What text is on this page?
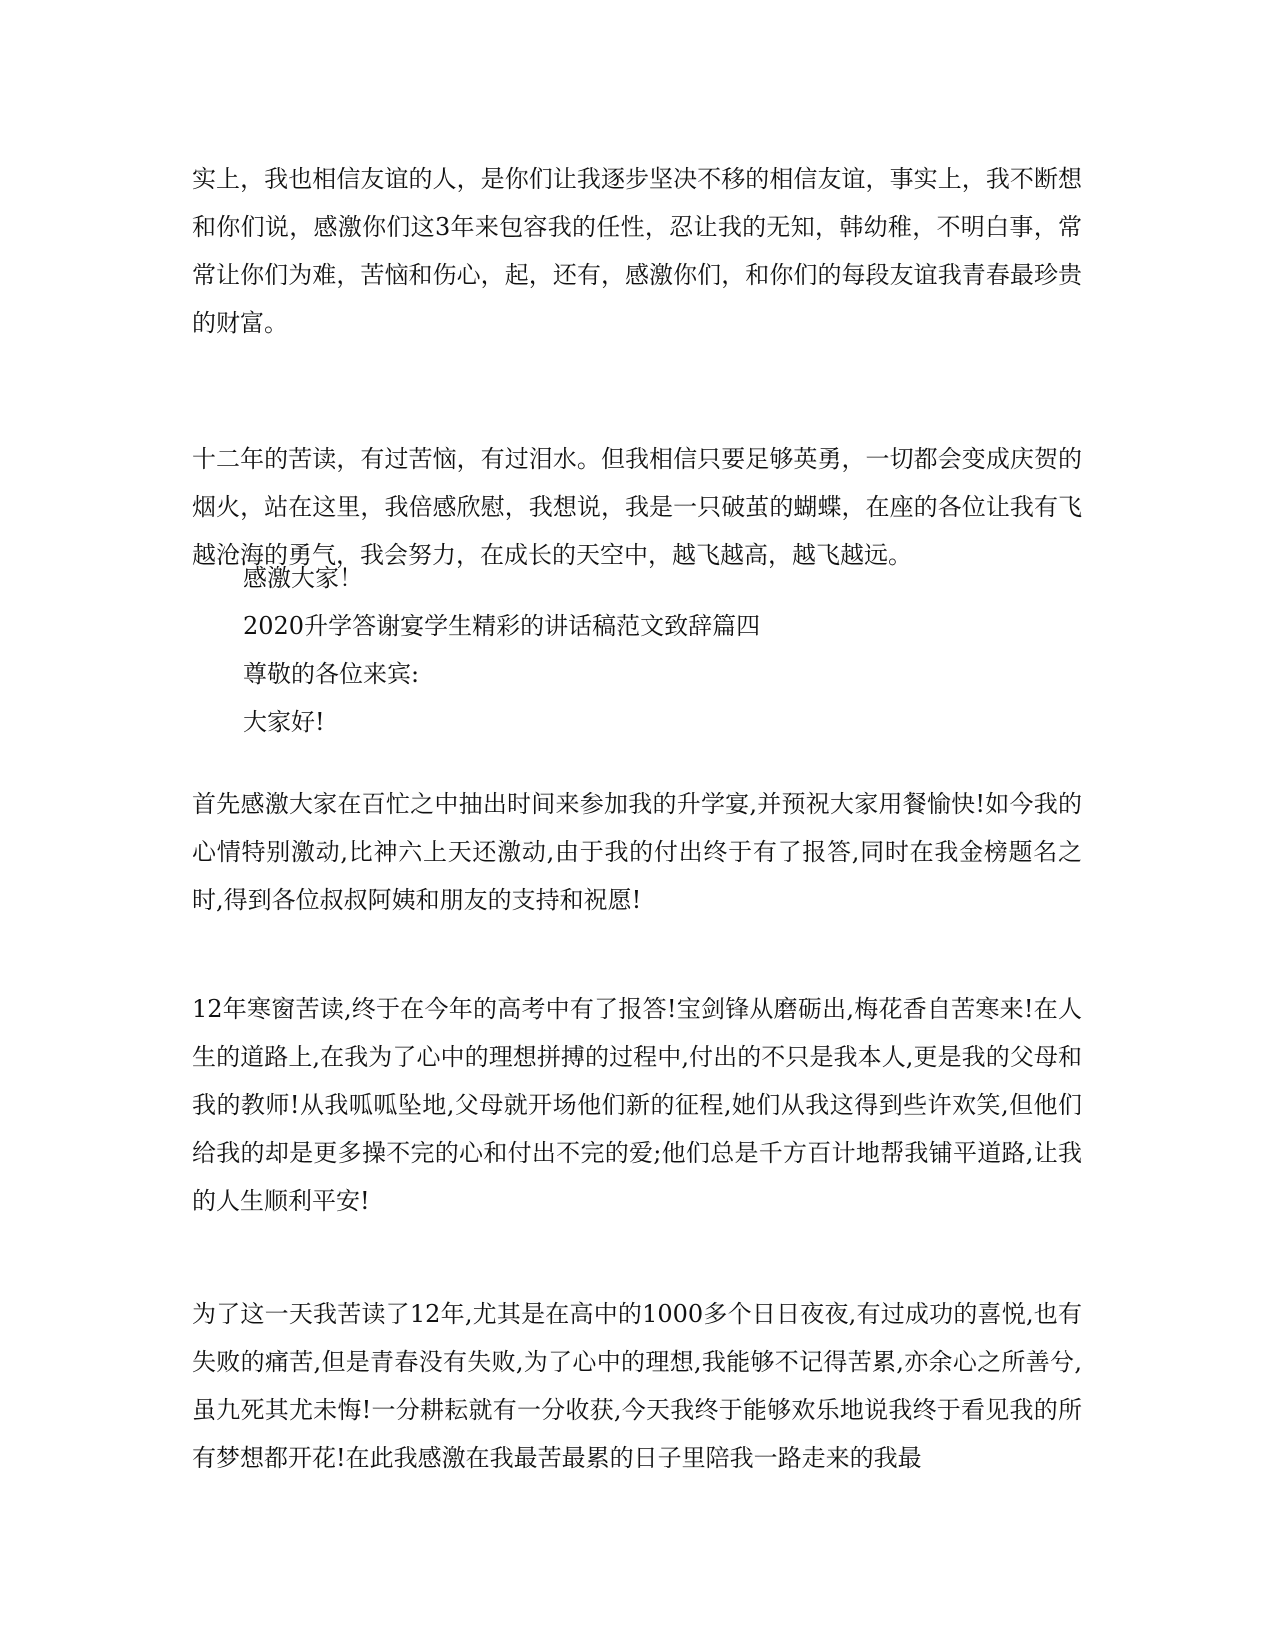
实上，我也相信友谊的人，是你们让我逐步坚决不移的相信友谊，事实上，我不断想和你们说，感激你们这3年来包容我的任性，忍让我的无知，韩幼稚，不明白事，常常让你们为难，苦恼和伤心，起，还有，感激你们，和你们的每段友谊我青春最珍贵的财富。
十二年的苦读，有过苦恼，有过泪水。但我相信只要足够英勇，一切都会变成庆贺的烟火，站在这里，我倍感欣慰，我想说，我是一只破茧的蝴蝶，在座的各位让我有飞越沧海的勇气，我会努力，在成长的天空中，越飞越高，越飞越远。
感激大家！
2020升学答谢宴学生精彩的讲话稿范文致辞篇四
尊敬的各位来宾:
大家好!
首先感激大家在百忙之中抽出时间来参加我的升学宴,并预祝大家用餐愉快!如今我的心情特别激动,比神六上天还激动,由于我的付出终于有了报答,同时在我金榜题名之时,得到各位叔叔阿姨和朋友的支持和祝愿!
12年寒窗苦读,终于在今年的高考中有了报答!宝剑锋从磨砺出,梅花香自苦寒来!在人生的道路上,在我为了心中的理想拼搏的过程中,付出的不只是我本人,更是我的父母和我的教师!从我呱呱坠地,父母就开场他们新的征程,她们从我这得到些许欢笑,但他们给我的却是更多操不完的心和付出不完的爱;他们总是千方百计地帮我铺平道路,让我的人生顺利平安!
为了这一天我苦读了12年,尤其是在高中的1000多个日日夜夜,有过成功的喜悦,也有失败的痛苦,但是青春没有失败,为了心中的理想,我能够不记得苦累,亦余心之所善兮,虽九死其尤未悔!一分耕耘就有一分收获,今天我终于能够欢乐地说我终于看见我的所有梦想都开花!在此我感激在我最苦最累的日子里陪我一路走来的我最
